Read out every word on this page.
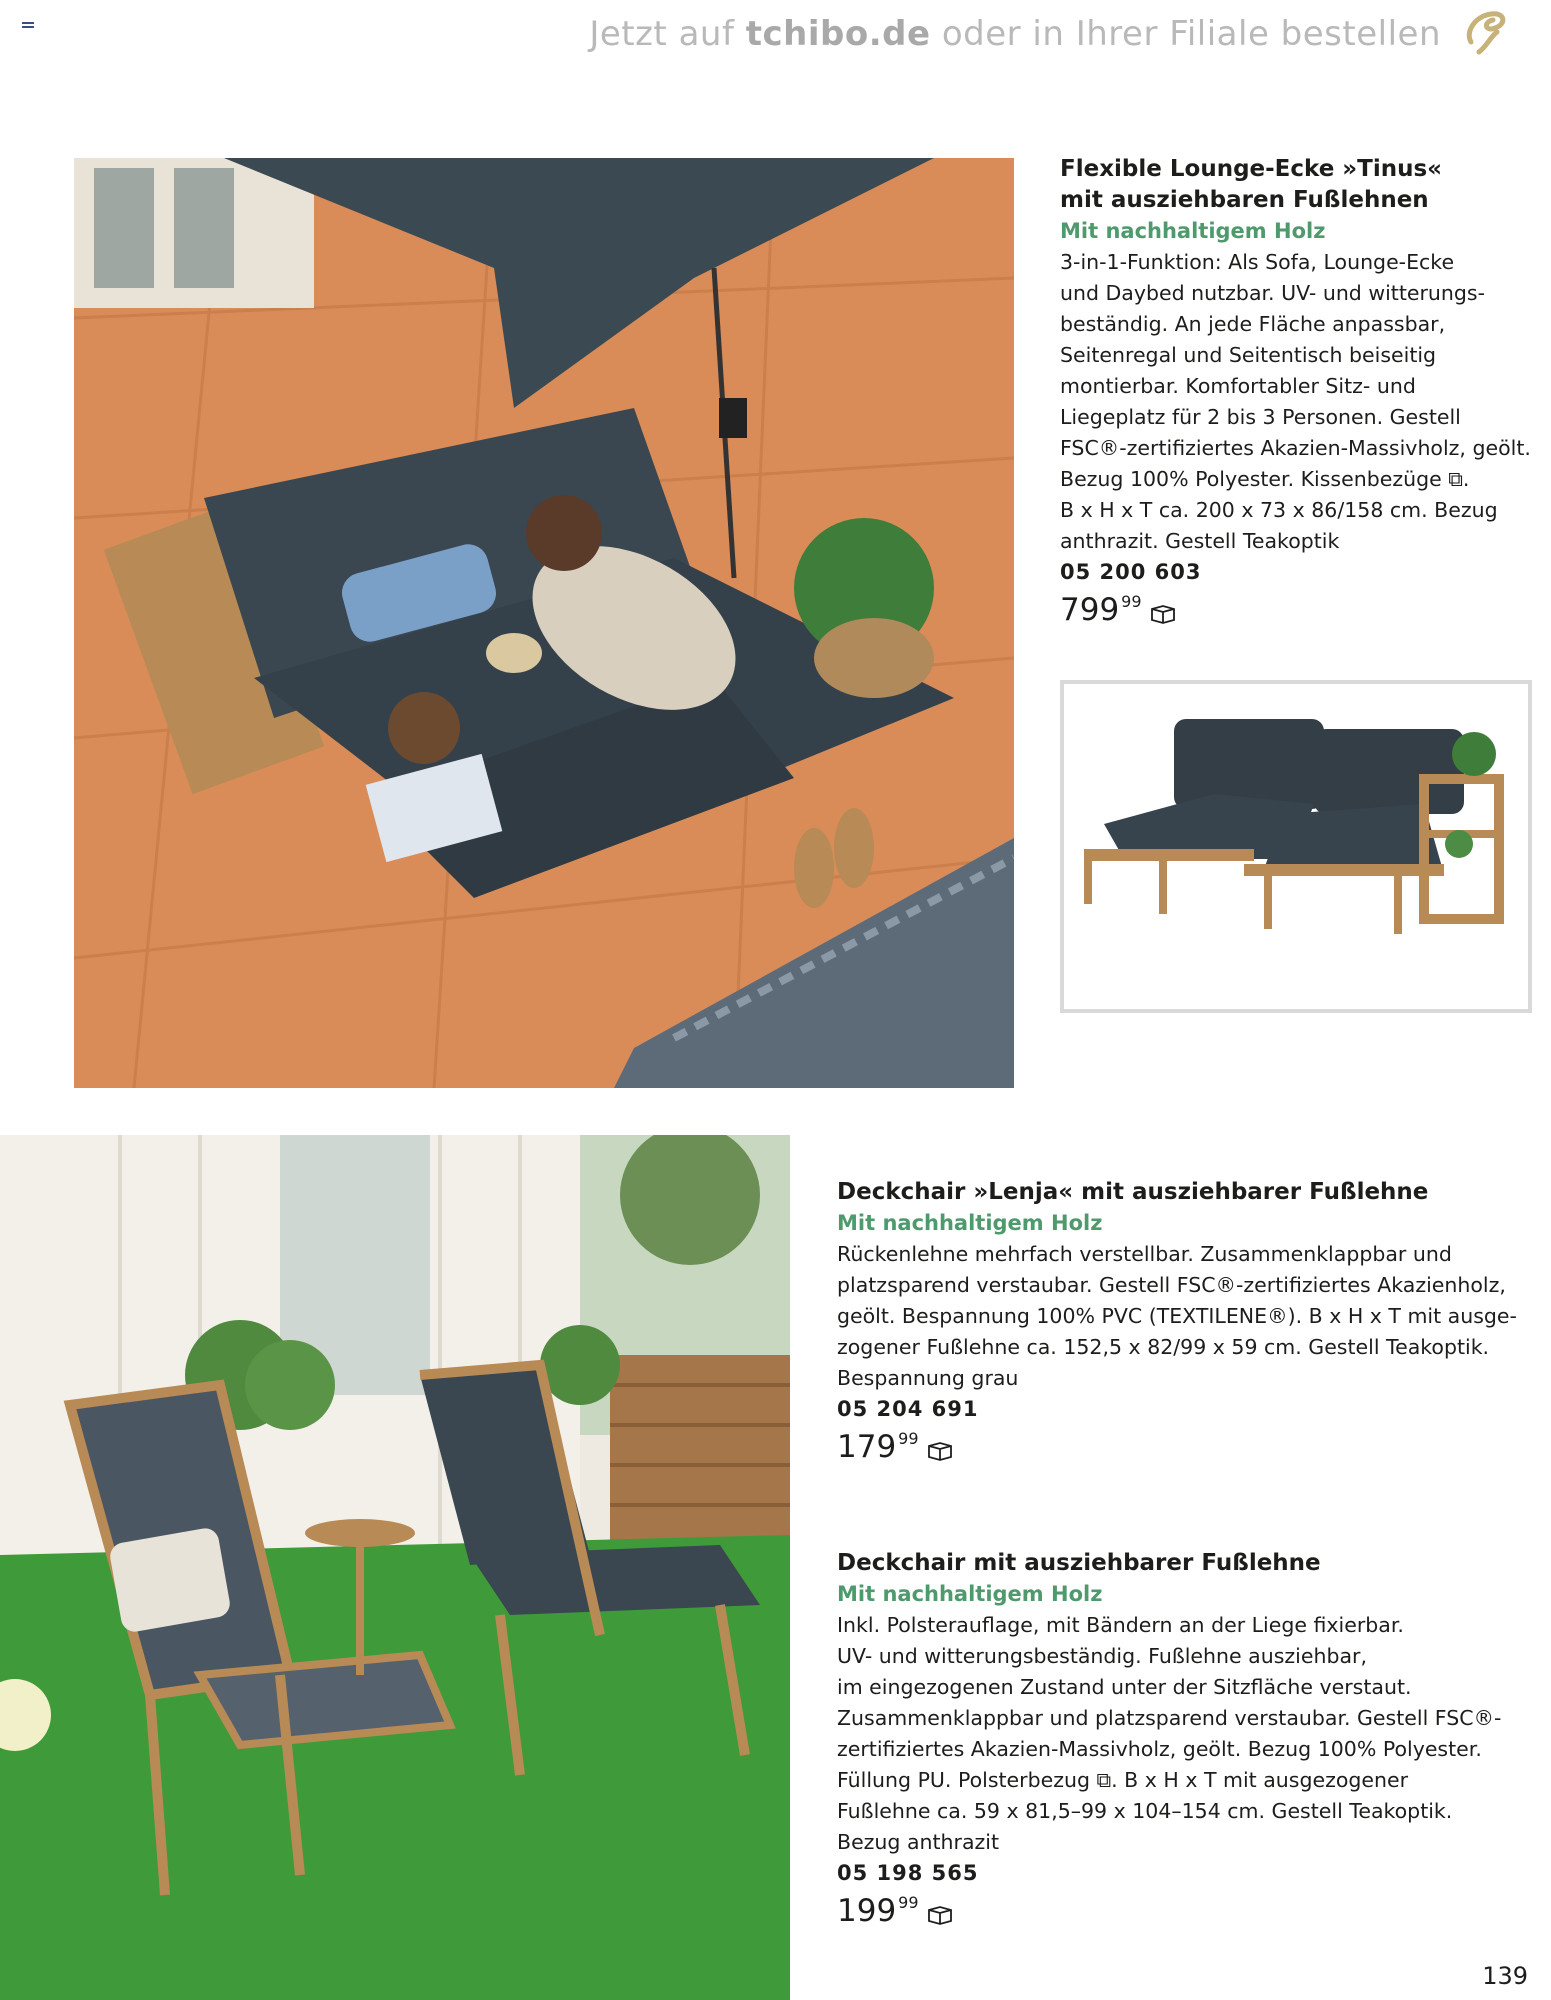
Jetzt auf tchibo.de oder in Ihrer Filiale bestellen
Flexible Lounge-Ecke »Tinus«
mit ausziehbaren Fußlehnen
Mit nachhaltigem Holz
3-in-1-Funktion: Als Sofa, Lounge-Ecke
und Daybed nutzbar. UV- und witterungs-
beständig. An jede Fläche anpassbar,
Seitenregal und Seitentisch beiseitig
montierbar. Komfortabler Sitz- und
Liegeplatz für 2 bis 3 Personen. Gestell
FSC®-zertifiziertes Akazien-Massivholz, geölt.
Bezug 100% Polyester. Kissenbezüge ⧉.
B x H x T ca. 200 x 73 x 86/158 cm. Bezug
anthrazit. Gestell Teakoptik
05 200 603
799 99
Deckchair »Lenja« mit ausziehbarer Fußlehne
Mit nachhaltigem Holz
Rückenlehne mehrfach verstellbar. Zusammenklappbar und
platzsparend verstaubar. Gestell FSC®-zertifiziertes Akazienholz,
geölt. Bespannung 100% PVC (TEXTILENE®). B x H x T mit ausge-
zogener Fußlehne ca. 152,5 x 82/99 x 59 cm. Gestell Teakoptik.
Bespannung grau
05 204 691
179 99
Deckchair mit ausziehbarer Fußlehne
Mit nachhaltigem Holz
Inkl. Polsterauflage, mit Bändern an der Liege fixierbar.
UV- und witterungsbeständig. Fußlehne ausziehbar,
im eingezogenen Zustand unter der Sitzfläche verstaut.
Zusammenklappbar und platzsparend verstaubar. Gestell FSC®-
zertifiziertes Akazien-Massivholz, geölt. Bezug 100% Polyester.
Füllung PU. Polsterbezug ⧉. B x H x T mit ausgezogener
Fußlehne ca. 59 x 81,5–99 x 104–154 cm. Gestell Teakoptik.
Bezug anthrazit
05 198 565
199 99
139
